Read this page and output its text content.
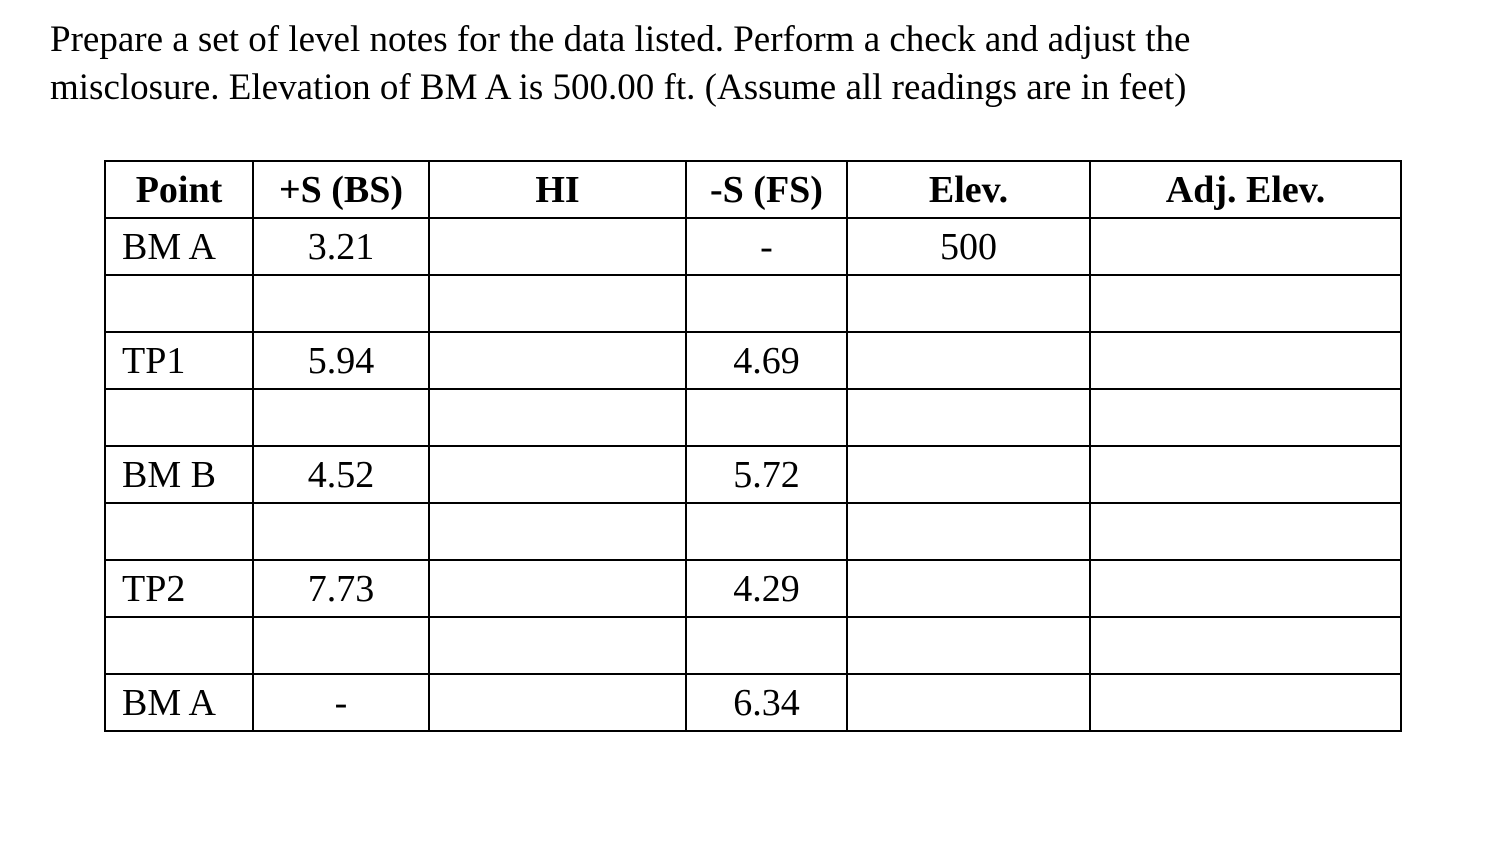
Prepare a set of level notes for the data listed. Perform a check and adjust the
misclosure. Elevation of BM A is 500.00 ft. (Assume all readings are in feet)

Point	+S (BS)	HI	-S (FS)	Elev.	Adj. Elev.
BM A	3.21		-	500	

TP1	5.94		4.69		

BM B	4.52		5.72		

TP2	7.73		4.29		

BM A	-		6.34		
